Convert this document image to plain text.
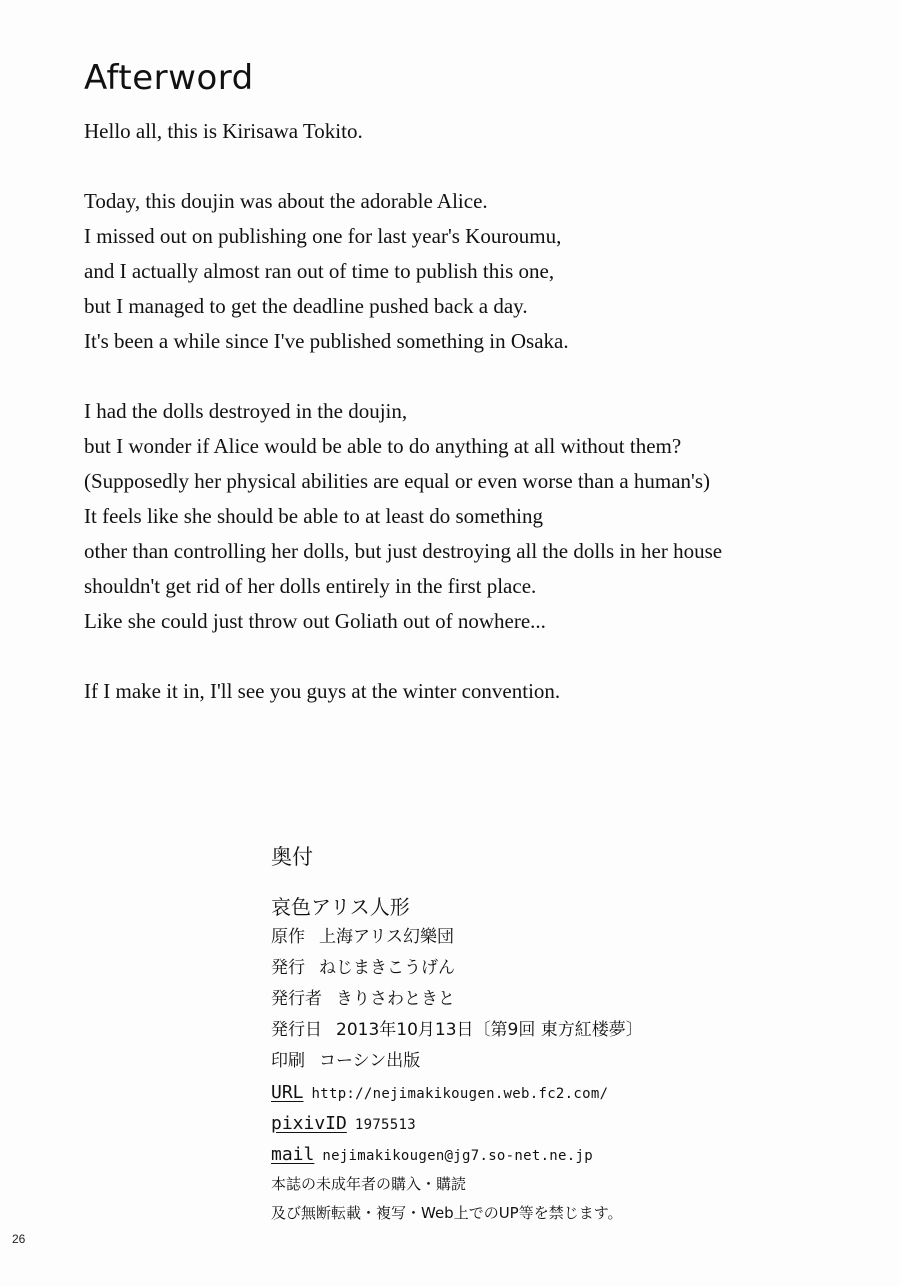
Afterword
Hello all, this is Kirisawa Tokito.
Today, this doujin was about the adorable Alice.
I missed out on publishing one for last year's Kouroumu,
and I actually almost ran out of time to publish this one,
but I managed to get the deadline pushed back a day.
It's been a while since I've published something in Osaka.
I had the dolls destroyed in the doujin,
but I wonder if Alice would be able to do anything at all without them?
(Supposedly her physical abilities are equal or even worse than a human's)
It feels like she should be able to at least do something
other than controlling her dolls, but just destroying all the dolls in her house
shouldn't get rid of her dolls entirely in the first place.
Like she could just throw out Goliath out of nowhere...
If I make it in, I'll see you guys at the winter convention.
奥付
哀色アリス人形
原作 上海アリス幻樂団
発行 ねじまきこうげん
発行者 きりさわときと
発行日 2013年10月13日〔第9回 東方紅楼夢〕
印刷 コーシン出版
URL http://nejimakikougen.web.fc2.com/
pixivID 1975513
mail nejimakikougen@jg7.so-net.ne.jp
本誌の未成年者の購入・購読
及び無断転載・複写・Web上でのUP等を禁じます。
26
